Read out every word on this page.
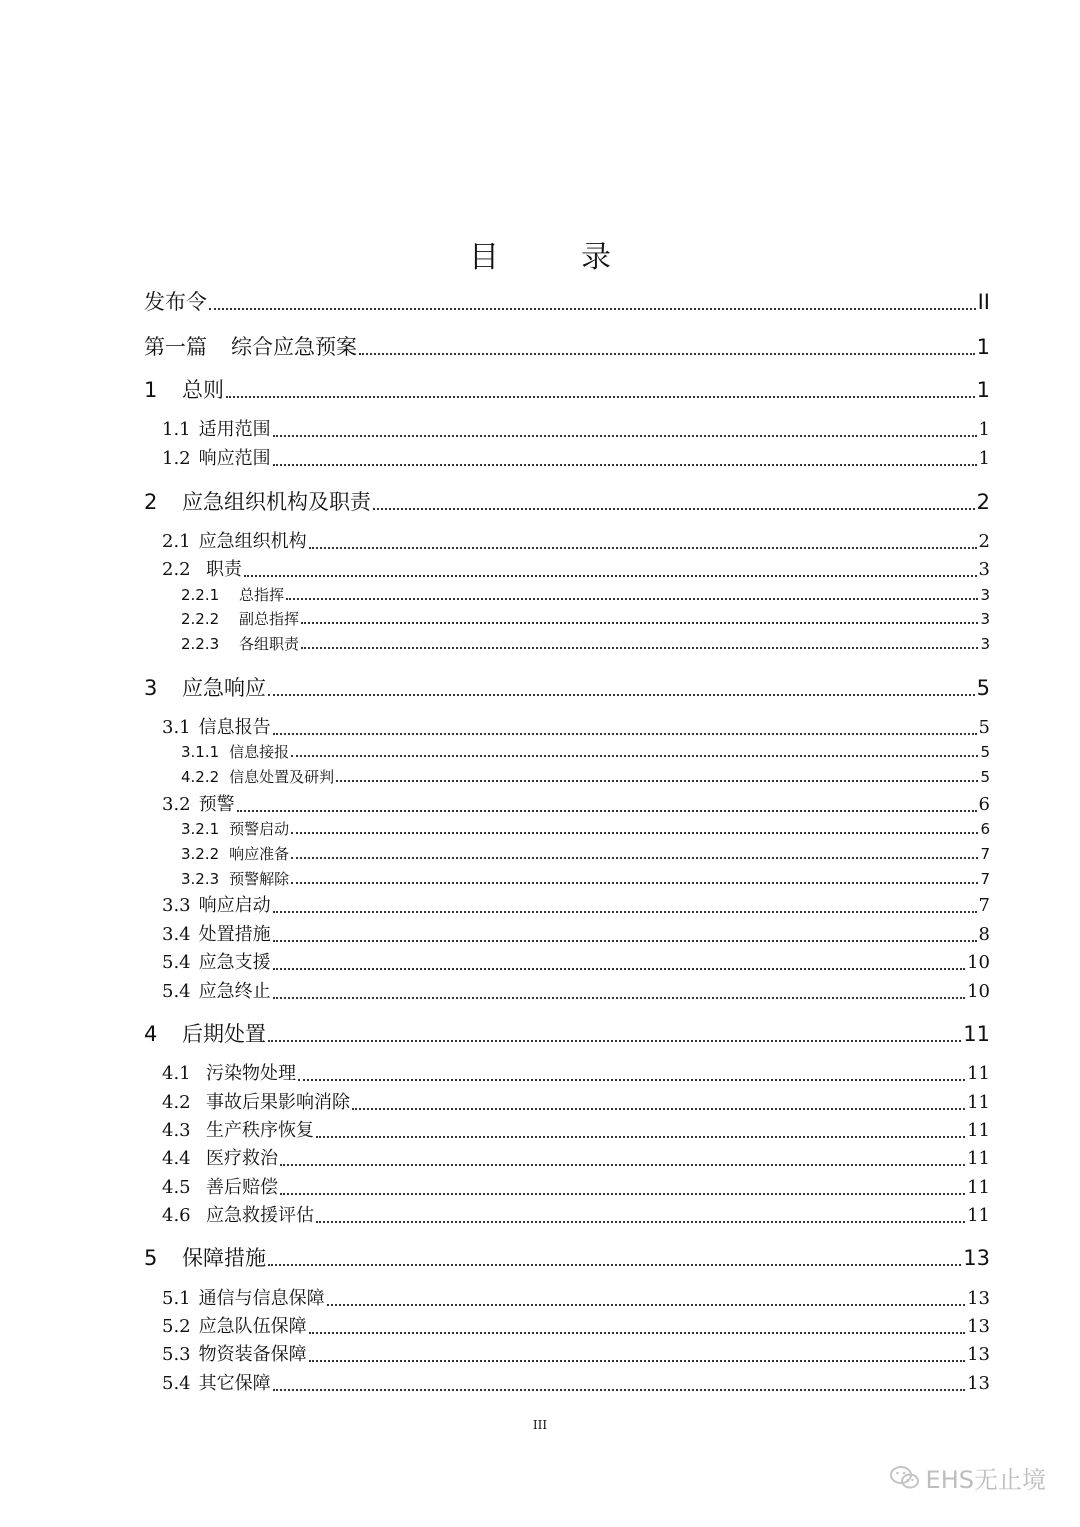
目　录
发布令	II
第一篇 综合应急预案	1
1	总则	1
1.1 适用范围	1
1.2 响应范围	1
2	应急组织机构及职责	2
2.1 应急组织机构	2
2.2 职责	3
2.2.1	总指挥	3
2.2.2	副总指挥	3
2.2.3	各组职责	3
3	应急响应	5
3.1 信息报告	5
3.1.1 信息接报	5
4.2.2 信息处置及研判	5
3.2 预警	6
3.2.1 预警启动	6
3.2.2 响应准备	7
3.2.3 预警解除	7
3.3 响应启动	7
3.4 处置措施	8
5.4 应急支援	10
5.4 应急终止	10
4	后期处置	11
4.1 污染物处理	11
4.2 事故后果影响消除	11
4.3 生产秩序恢复	11
4.4 医疗救治	11
4.5 善后赔偿	11
4.6 应急救援评估	11
5	保障措施	13
5.1 通信与信息保障	13
5.2 应急队伍保障	13
5.3 物资装备保障	13
5.4 其它保障	13
III
EHS无止境
